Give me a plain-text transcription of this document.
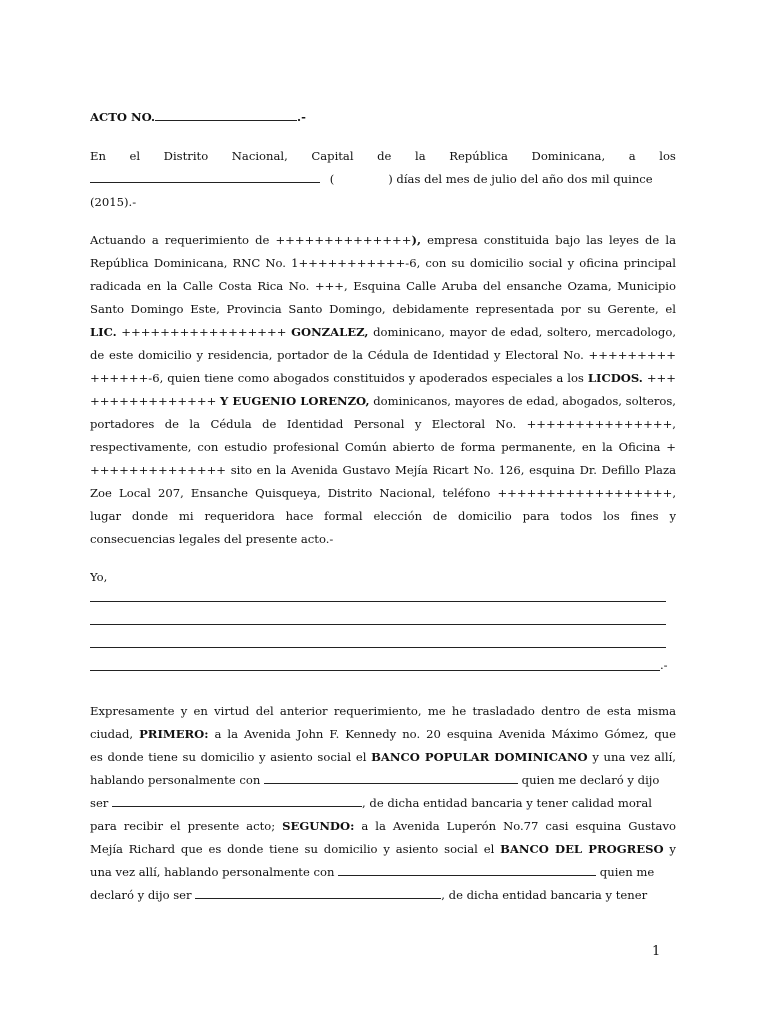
ACTO NO.	.-
En el Distrito Nacional, Capital de la República Dominicana, a los
(	) días del mes de julio del año dos mil quince
(2015).-
Actuando a requerimiento de ++++++++++++++), empresa constituida bajo las leyes de la
República Dominicana, RNC No. 1+++++++++++-6, con su domicilio social y oficina principal
radicada en la Calle Costa Rica No. +++, Esquina Calle Aruba del ensanche Ozama, Municipio
Santo Domingo Este, Provincia Santo Domingo, debidamente representada por su Gerente, el
LIC. +++++++++++++++++ GONZALEZ, dominicano, mayor de edad, soltero, mercadologo,
de este domicilio y residencia, portador de la Cédula de Identidad y Electoral No. +++++++++
++++++-6, quien tiene como abogados constituidos y apoderados especiales a los LICDOS. +++
+++++++++++++ Y EUGENIO LORENZO, dominicanos, mayores de edad, abogados, solteros,
portadores de la Cédula de Identidad Personal y Electoral No. +++++++++++++++,
respectivamente, con estudio profesional Común abierto de forma permanente, en la Oficina +
++++++++++++++ sito en la Avenida Gustavo Mejía Ricart No. 126, esquina Dr. Defillo Plaza
Zoe Local 207, Ensanche Quisqueya, Distrito Nacional, teléfono ++++++++++++++++++,
lugar donde mi requeridora hace formal elección de domicilio para todos los fines y
consecuencias legales del presente acto.-
Yo,
.-
Expresamente y en virtud del anterior requerimiento, me he trasladado dentro de esta misma
ciudad, PRIMERO: a la Avenida John F. Kennedy no. 20 esquina Avenida Máximo Gómez, que
es donde tiene su domicilio y asiento social el BANCO POPULAR DOMINICANO y una vez allí,
hablando personalmente con	quien me declaró y dijo
ser	, de dicha entidad bancaria y tener calidad moral
para recibir el presente acto; SEGUNDO: a la Avenida Luperón No.77 casi esquina Gustavo
Mejía Richard que es donde tiene su domicilio y asiento social el BANCO DEL PROGRESO y
una vez allí, hablando personalmente con	quien me
declaró y dijo ser	, de dicha entidad bancaria y tener
1
